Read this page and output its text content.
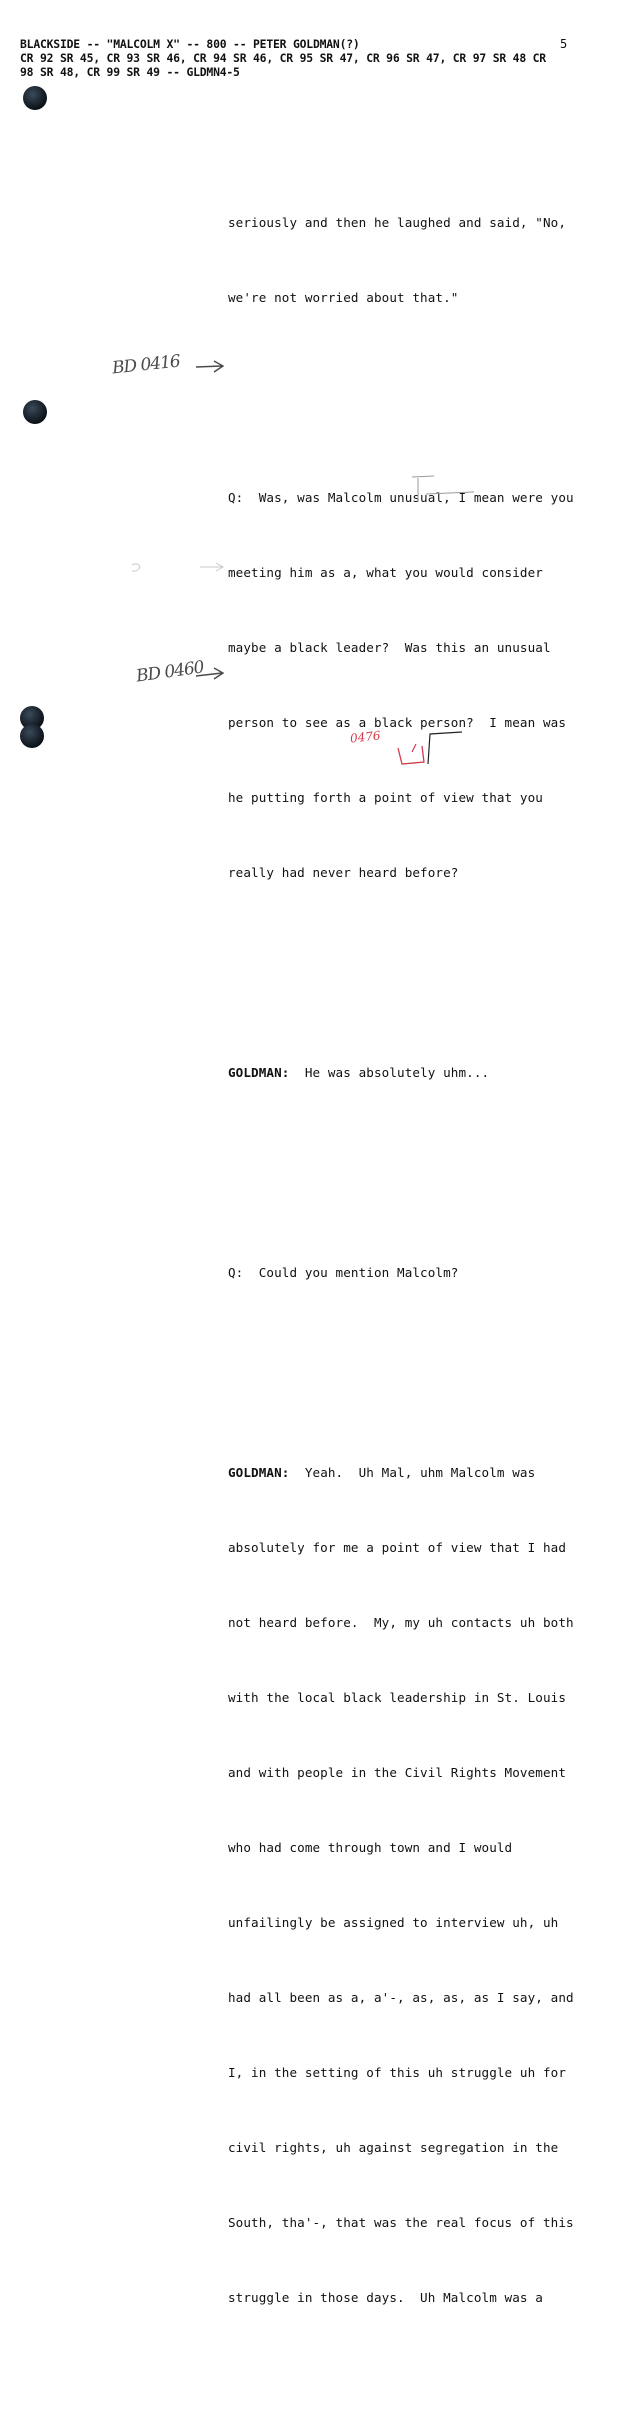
BLACKSIDE -- "MALCOLM X" -- 800 -- PETER GOLDMAN(?)
CR 92 SR 45, CR 93 SR 46, CR 94 SR 46, CR 95 SR 47, CR 96 SR 47, CR 97 SR 48 CR
98 SR 48, CR 99 SR 49 -- GLDMN4-5
5

seriously and then he laughed and said, "No,

we're not worried about that."

Q:  Was, was Malcolm unusual, I mean were you

meeting him as a, what you would consider

maybe a black leader?  Was this an unusual

person to see as a black person?  I mean was

he putting forth a point of view that you

really had never heard before?

GOLDMAN:  He was absolutely uhm...

Q:  Could you mention Malcolm?

GOLDMAN:  Yeah.  Uh Mal, uhm Malcolm was

absolutely for me a point of view that I had

not heard before.  My, my uh contacts uh both

with the local black leadership in St. Louis

and with people in the Civil Rights Movement

who had come through town and I would

unfailingly be assigned to interview uh, uh

had all been as a, a'-, as, as, as I say, and

I, in the setting of this uh struggle uh for

civil rights, uh against segregation in the

South, tha'-, that was the real focus of this

struggle in those days.  Uh Malcolm was a

BD 0416
BD 0460
0476
